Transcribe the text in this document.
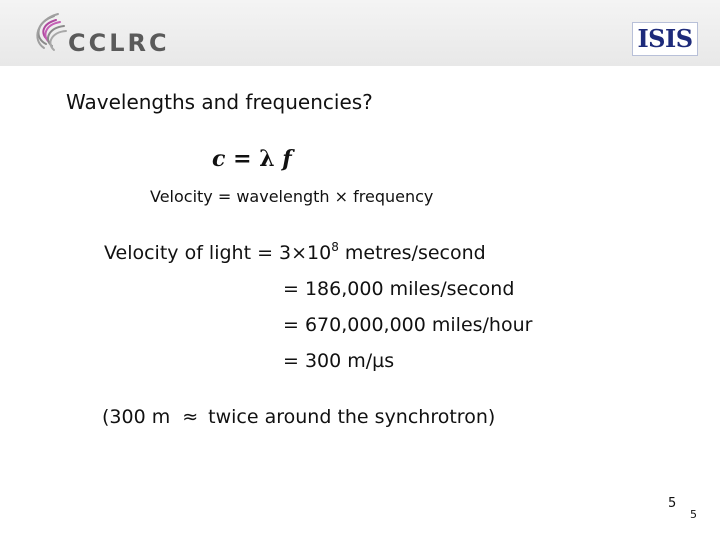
CCLRC	ISIS
Wavelengths and frequencies?
c = λ f
Velocity = wavelength × frequency
Velocity of light = $3\times 10^8$ metres/second
= 186,000 miles/second
= 670,000,000 miles/hour
= 300 m/µs
(300 m ≈ twice around the synchrotron)
5
5
